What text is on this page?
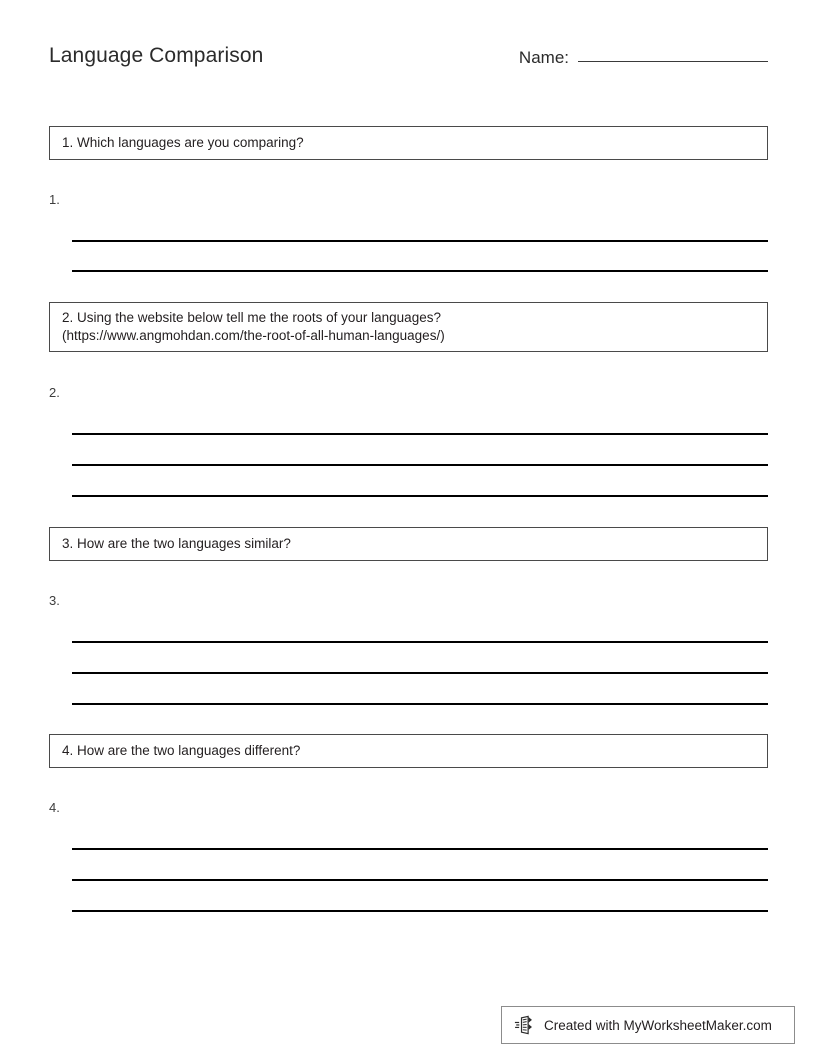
Language Comparison	Name:
1. Which languages are you comparing?
1.
2. Using the website below tell me the roots of your languages?
(https://www.angmohdan.com/the-root-of-all-human-languages/)
2.
3. How are the two languages similar?
3.
4. How are the two languages different?
4.
Created with MyWorksheetMaker.com
